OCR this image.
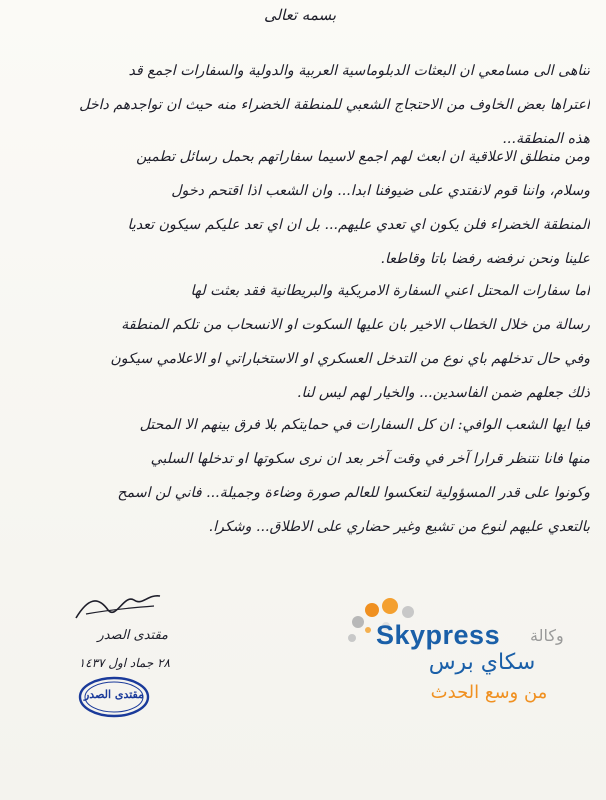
بسمه تعالى
تناهى الى مسامعي ان البعثات الدبلوماسية العربية والدولية والسفارات اجمع قد
اعتراها بعض الخاوف من الاحتجاج الشعبي للمنطقة الخضراء منه حيث ان تواجدهم داخل
هذه المنطقة...
ومن منطلق الاعلاقية ان ابعث لهم اجمع لاسيما سفاراتهم بحمل رسائل تطمين
وسلام، واننا قوم لانفتدي على ضيوفنا ابدا... وان الشعب اذا اقتحم دخول
المنطقة الخضراء فلن يكون اي تعدي عليهم... بل ان اي تعد عليكم سيكون تعديا
علينا ونحن نرفضه رفضا باتا وقاطعا.
اما سفارات المحتل اعني السفارة الامريكية والبريطانية فقد بعثت لها
رسالة من خلال الخطاب الاخير بان عليها السكوت او الانسحاب من تلكم المنطقة
وفي حال تدخلهم باي نوع من التدخل العسكري او الاستخباراتي او الاعلامي سيكون
ذلك جعلهم ضمن الفاسدين... والخيار لهم ليس لنا.
فيا ايها الشعب الوافي: ان كل السفارات في حمايتكم بلا فرق بينهم الا المحتل
منها فانا نتنظر قرارا آخر في وقت آخر بعد ان نرى سكوتها او تدخلها السلبي
وكونوا على قدر المسؤولية لتعكسوا للعالم صورة وضاءة وجميلة... فاني لن اسمح
بالتعدي عليهم لنوع من تشيع وغير حضاري على الاطلاق... وشكرا.
مقتدى الصدر
٢٨ جماد اول ١٤٣٧
مقتدى الصدر
Skypress وكالة
سكاي برس
من وسع الحدث
